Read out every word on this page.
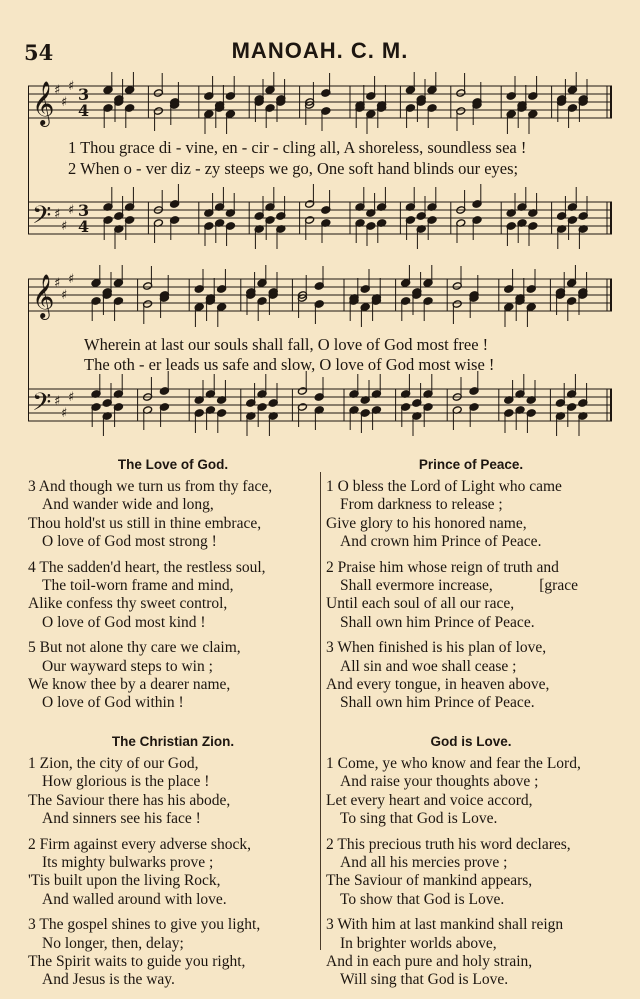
54	MANOAH. C. M.
𝄞
𝄢
♯
♯
♯
♯
♯
♯
3
3
4
4
1 Thou grace di - vine, en - cir - cling all, A shoreless, soundless sea !
2 When o - ver diz - zy steeps we go, One soft hand blinds our eyes;
𝄞
𝄢
♯
♯
♯
♯
♯
♯
Wherein at last our souls shall fall, O love of God most free !
The oth - er leads us safe and slow, O love of God most wise !
The Love of God.
3 And though we turn us from thy face,
And wander wide and long,
Thou hold'st us still in thine embrace,
O love of God most strong !
4 The sadden'd heart, the restless soul,
The toil-worn frame and mind,
Alike confess thy sweet control,
O love of God most kind !
5 But not alone thy care we claim,
Our wayward steps to win ;
We know thee by a dearer name,
O love of God within !
The Christian Zion.
1 Zion, the city of our God,
How glorious is the place !
The Saviour there has his abode,
And sinners see his face !
2 Firm against every adverse shock,
Its mighty bulwarks prove ;
'Tis built upon the living Rock,
And walled around with love.
3 The gospel shines to give you light,
No longer, then, delay;
The Spirit waits to guide you right,
And Jesus is the way.
Prince of Peace.
1 O bless the Lord of Light who came
From darkness to release ;
Give glory to his honored name,
And crown him Prince of Peace.
2 Praise him whose reign of truth and
Shall evermore increase,            [grace
Until each soul of all our race,
Shall own him Prince of Peace.
3 When finished is his plan of love,
All sin and woe shall cease ;
And every tongue, in heaven above,
Shall own him Prince of Peace.
God is Love.
1 Come, ye who know and fear the Lord,
And raise your thoughts above ;
Let every heart and voice accord,
To sing that God is Love.
2 This precious truth his word declares,
And all his mercies prove ;
The Saviour of mankind appears,
To show that God is Love.
3 With him at last mankind shall reign
In brighter worlds above,
And in each pure and holy strain,
Will sing that God is Love.
